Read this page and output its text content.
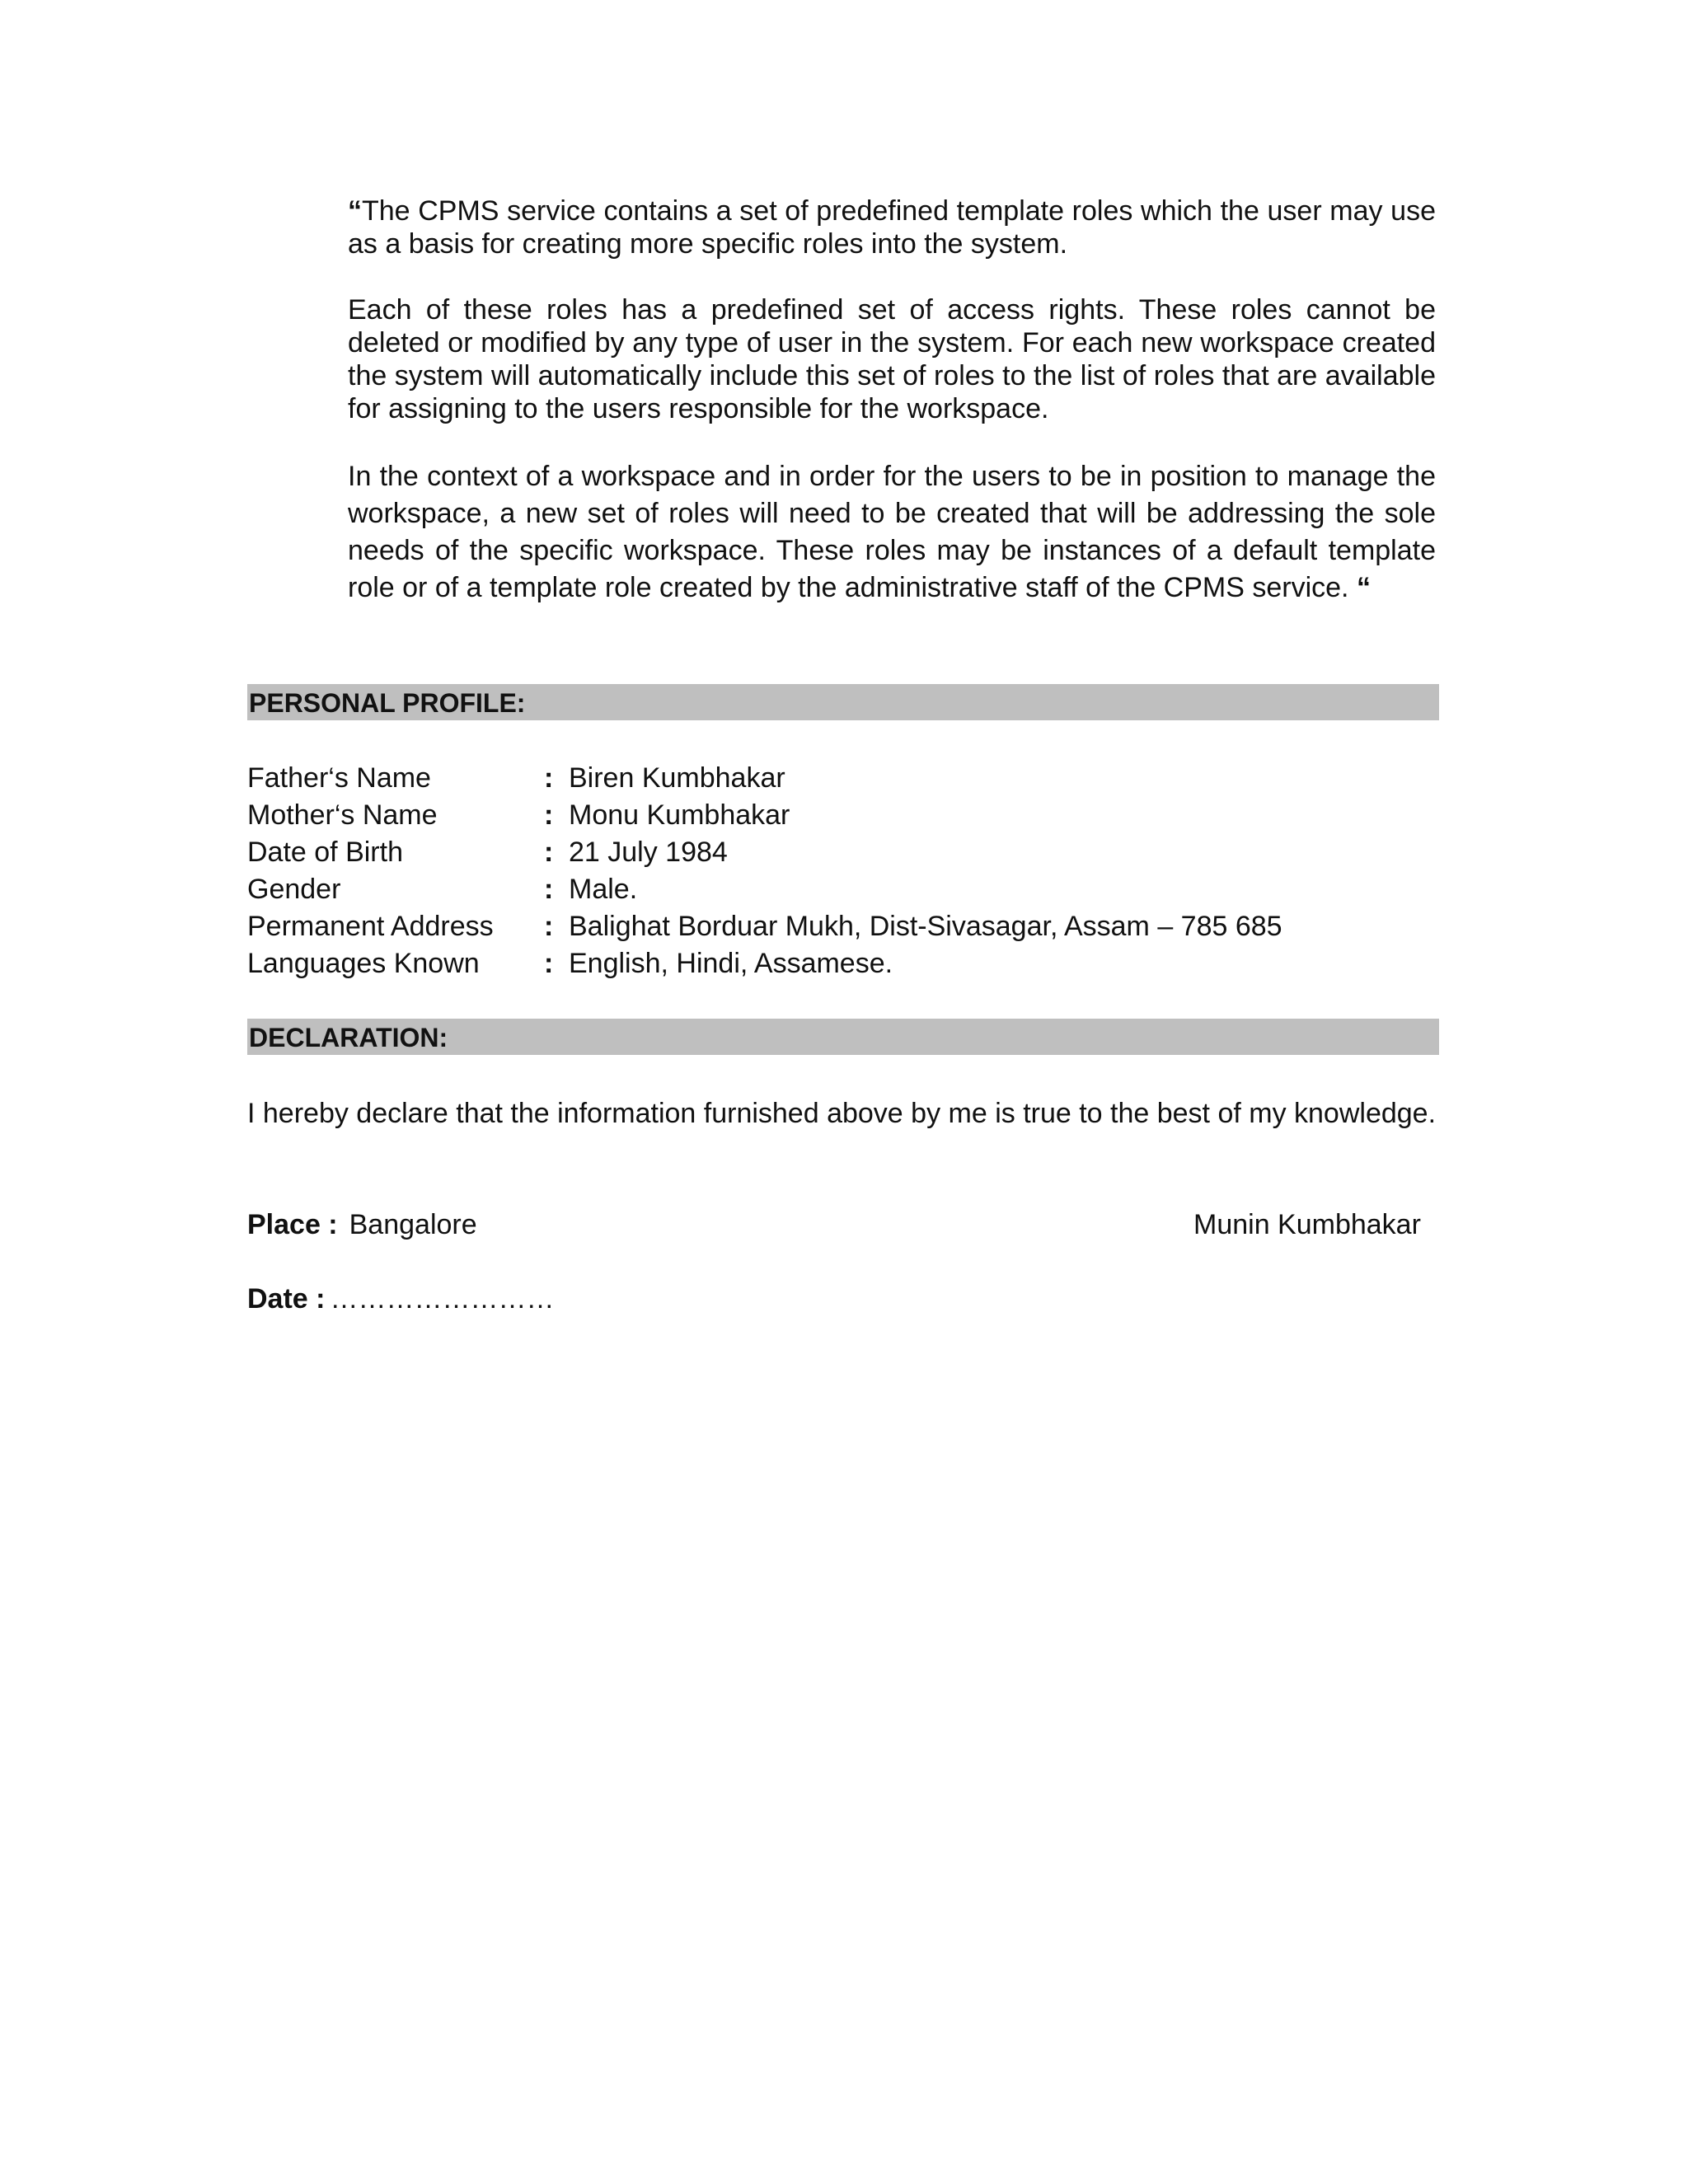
“The CPMS service contains a set of predefined template roles which the user may use as a basis for creating more specific roles into the system.

Each of these roles has a predefined set of access rights. These roles cannot be deleted or modified by any type of user in the system. For each new workspace created the system will automatically include this set of roles to the list of roles that are available for assigning to the users responsible for the workspace.

In the context of a workspace and in order for the users to be in position to manage the workspace, a new set of roles will need to be created that will be addressing the sole needs of the specific workspace. These roles may be instances of a default template role or of a template role created by the administrative staff of the CPMS service. “

PERSONAL PROFILE:
Father‘s Name	: Biren Kumbhakar
Mother‘s Name	: Monu Kumbhakar
Date of Birth	: 21 July 1984
Gender	: Male.
Permanent Address : Balighat Borduar Mukh, Dist-Sivasagar, Assam – 785 685
Languages Known : English, Hindi, Assamese.
DECLARATION:

I hereby declare that the information furnished above by me is true to the best of my knowledge.

Place : Bangalore	Munin Kumbhakar
Date : ……………………
